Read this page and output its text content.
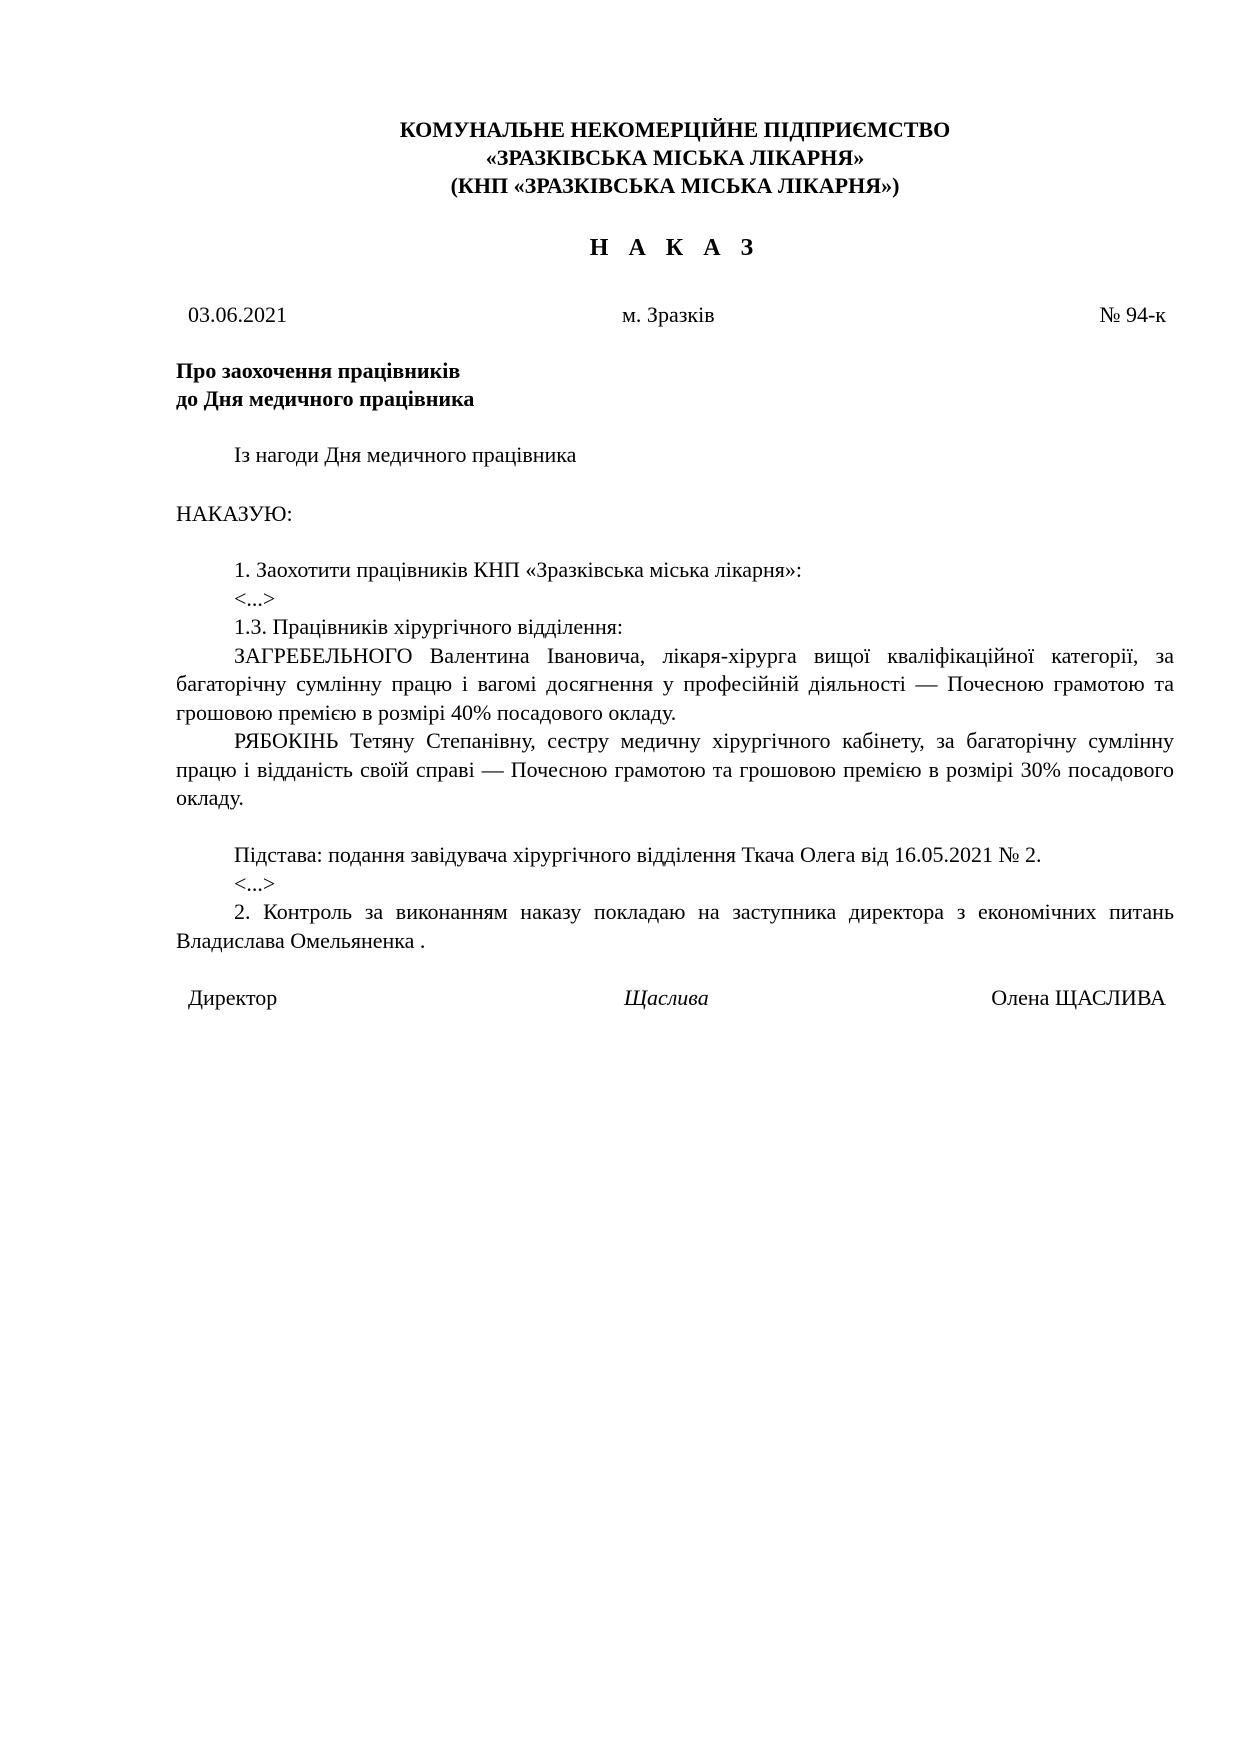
КОМУНАЛЬНЕ НЕКОМЕРЦІЙНЕ ПІДПРИЄМСТВО
«ЗРАЗКІВСЬКА МІСЬКА ЛІКАРНЯ»
(КНП «ЗРАЗКІВСЬКА МІСЬКА ЛІКАРНЯ»)
Н А К А З
03.06.2021	м. Зразків	№ 94-к
Про заохочення працівників
до Дня медичного працівника

Із нагоди Дня медичного працівника

НАКАЗУЮ:

1. Заохотити працівників КНП «Зразківська міська лікарня»:

<...>

1.3. Працівників хірургічного відділення:

ЗАГРЕБЕЛЬНОГО Валентина Івановича, лікаря-хірурга вищої кваліфікаційної категорії, за багаторічну сумлінну працю і вагомі досягнення у професійній діяльності — Почесною грамотою та грошовою премією в розмірі 40% посадового окладу.

РЯБОКІНЬ Тетяну Степанівну, сестру медичну хірургічного кабінету, за багаторічну сумлінну працю і відданість своїй справі — Почесною грамотою та грошовою премією в розмірі 30% посадового окладу.

Підстава: подання завідувача хірургічного відділення Ткача Олега від 16.05.2021 № 2.

<...>

2. Контроль за виконанням наказу покладаю на заступника директора з економічних питань Владислава Омельяненка .

Директор	Щаслива	Олена ЩАСЛИВА
